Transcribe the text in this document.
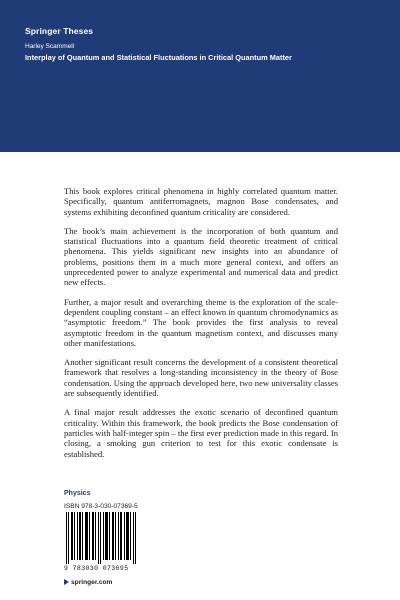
Springer Theses
Harley Scammell
Interplay of Quantum and Statistical Fluctuations in Critical Quantum Matter

This book explores critical phenomena in highly correlated quantum matter. Specifically, quantum antiferromagnets, magnon Bose condensates, and systems exhibiting deconfined quantum criticality are considered.

The book’s main achievement is the incorporation of both quantum and statistical fluctuations into a quantum field theoretic treatment of critical phenomena. This yields significant new insights into an abundance of problems, positions them in a much more general context, and offers an unprecedented power to analyze experimental and numerical data and predict new effects.

Further, a major result and overarching theme is the exploration of the scale-dependent coupling constant – an effect known in quantum chromodynamics as “asymptotic freedom.” The book provides the first analysis to reveal asymptotic freedom in the quantum magnetism context, and discusses many other manifestations.

Another significant result concerns the development of a consistent theoretical framework that resolves a long-standing inconsistency in the theory of Bose condensation. Using the approach developed here, two new universality classes are subsequently identified.

A final major result addresses the exotic scenario of deconfined quantum criticality. Within this framework, the book predicts the Bose condensation of particles with half-integer spin – the first ever prediction made in this regard. In closing, a smoking gun criterion to test for this exotic condensate is established.

Physics
ISBN 978-3-030-07369-5
9 783030 073695
springer.com
